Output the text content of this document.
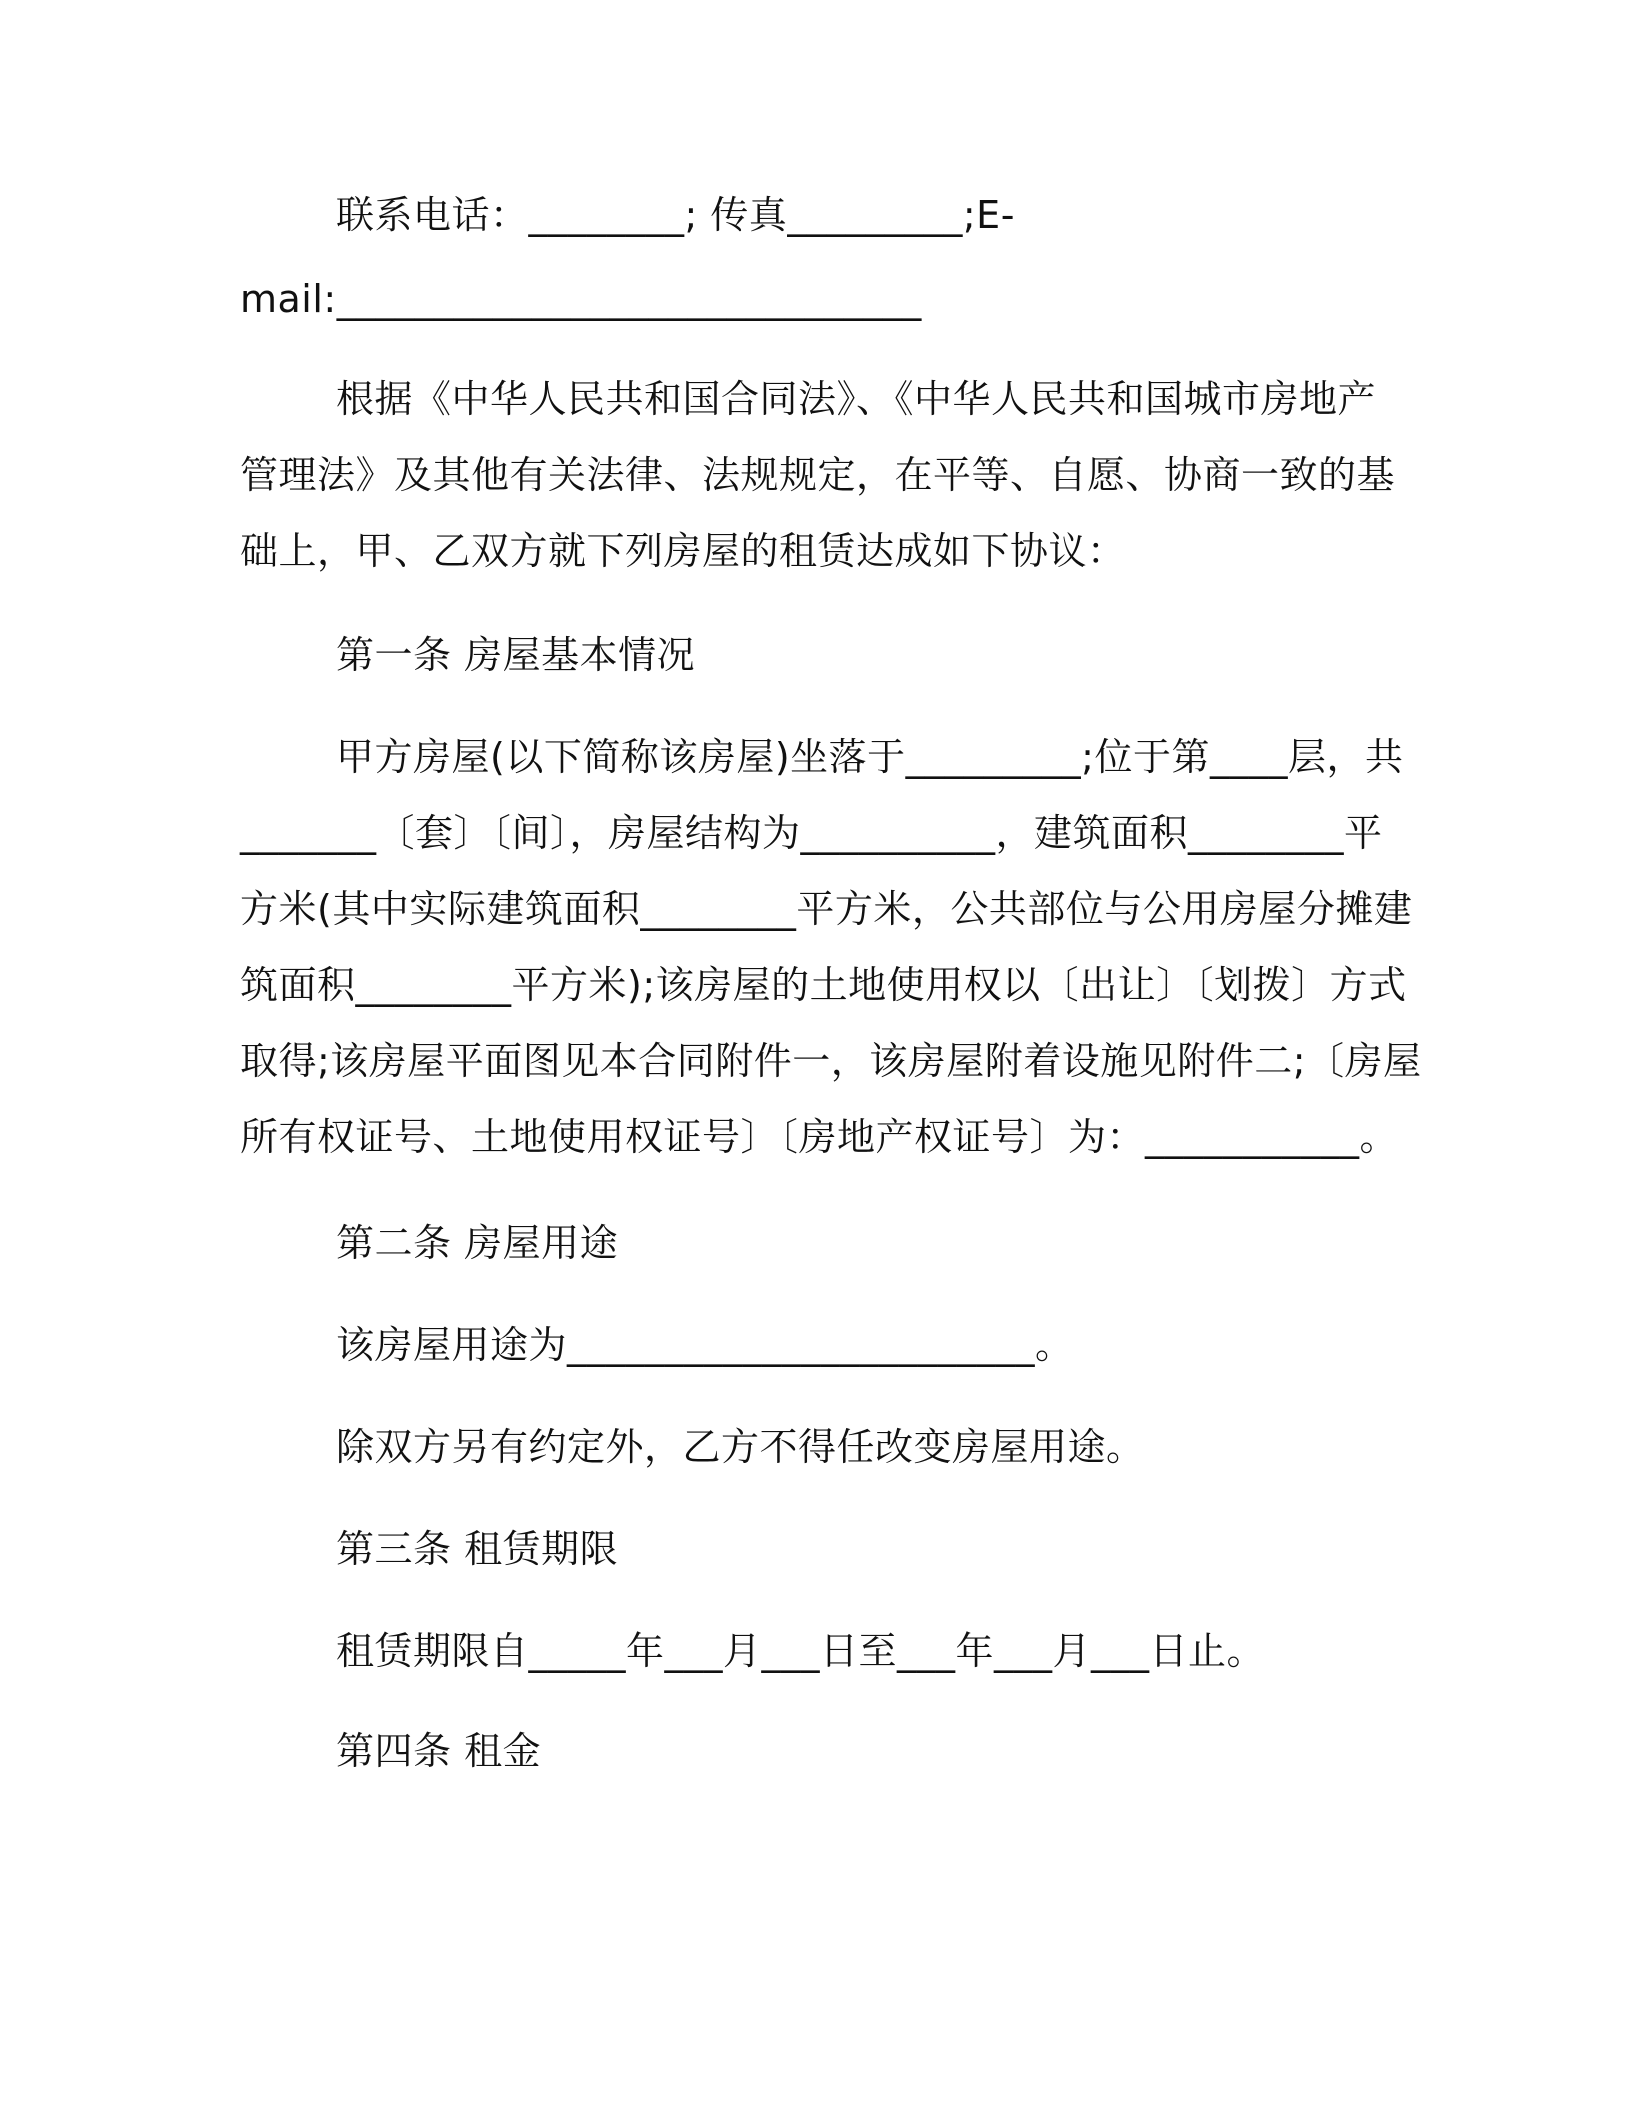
联系电话：________; 传真_________;E-
mail:______________________________
根据《中华人民共和国合同法》、《中华人民共和国城市房地产
管理法》及其他有关法律、法规规定，在平等、自愿、协商一致的基
础上，甲、乙双方就下列房屋的租赁达成如下协议：
第一条 房屋基本情况
甲方房屋(以下简称该房屋)坐落于_________;位于第____层，共
_______〔套〕〔间〕，房屋结构为__________，建筑面积________平
方米(其中实际建筑面积________平方米，公共部位与公用房屋分摊建
筑面积________平方米);该房屋的土地使用权以〔出让〕〔划拨〕方式
取得;该房屋平面图见本合同附件一，该房屋附着设施见附件二;〔房屋
所有权证号、土地使用权证号〕〔房地产权证号〕为：___________。
第二条 房屋用途
该房屋用途为________________________。
除双方另有约定外，乙方不得任改变房屋用途。
第三条 租赁期限
租赁期限自_____年___月___日至___年___月___日止。
第四条 租金
